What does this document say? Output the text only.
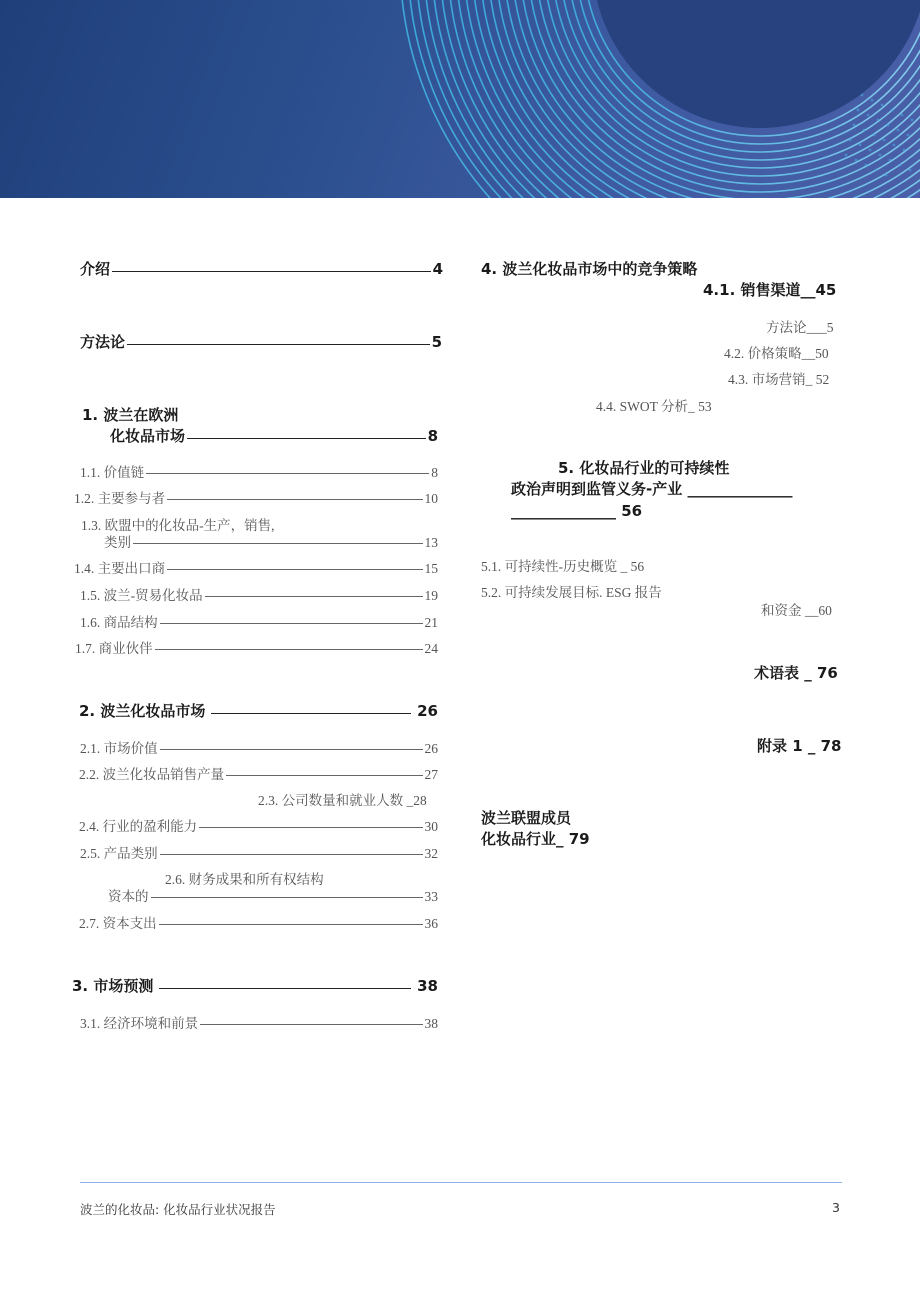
介绍	4
方法论	5
1. 波兰在欧洲
化妆品市场	8
1.1. 价值链	8
1.2. 主要参与者	10
1.3. 欧盟中的化妆品-生产，销售,
类别	13
1.4. 主要出口商	15
1.5. 波兰-贸易化妆品	19
1.6. 商品结构	21
1.7. 商业伙伴	24
2. 波兰化妆品市场	26
2.1. 市场价值	26
2.2. 波兰化妆品销售产量	27
2.3. 公司数量和就业人数 _ 28
2.4. 行业的盈利能力	30
2.5. 产品类别	32
2.6. 财务成果和所有权结构
资本的	33
2.7. 资本支出	36
3. 市场预测	38
3.1. 经济环境和前景	38
4. 波兰化妆品市场中的竞争策略
4.1. 销售渠道__45
方法论___5
4.2. 价格策略__50
4.3. 市场营销_ 52
4.4. SWOT 分析_ 53
5. 化妆品行业的可持续性
政治声明到监管义务-产业 ______________
______________ 56
5.1. 可持续性-历史概览 _ 56
5.2. 可持续发展目标. ESG 报告
和资金 __60
术语表 _ 76
附录 1 _ 78
波兰联盟成员
化妆品行业_ 79
波兰的化妆品: 化妆品行业状况报告	3
